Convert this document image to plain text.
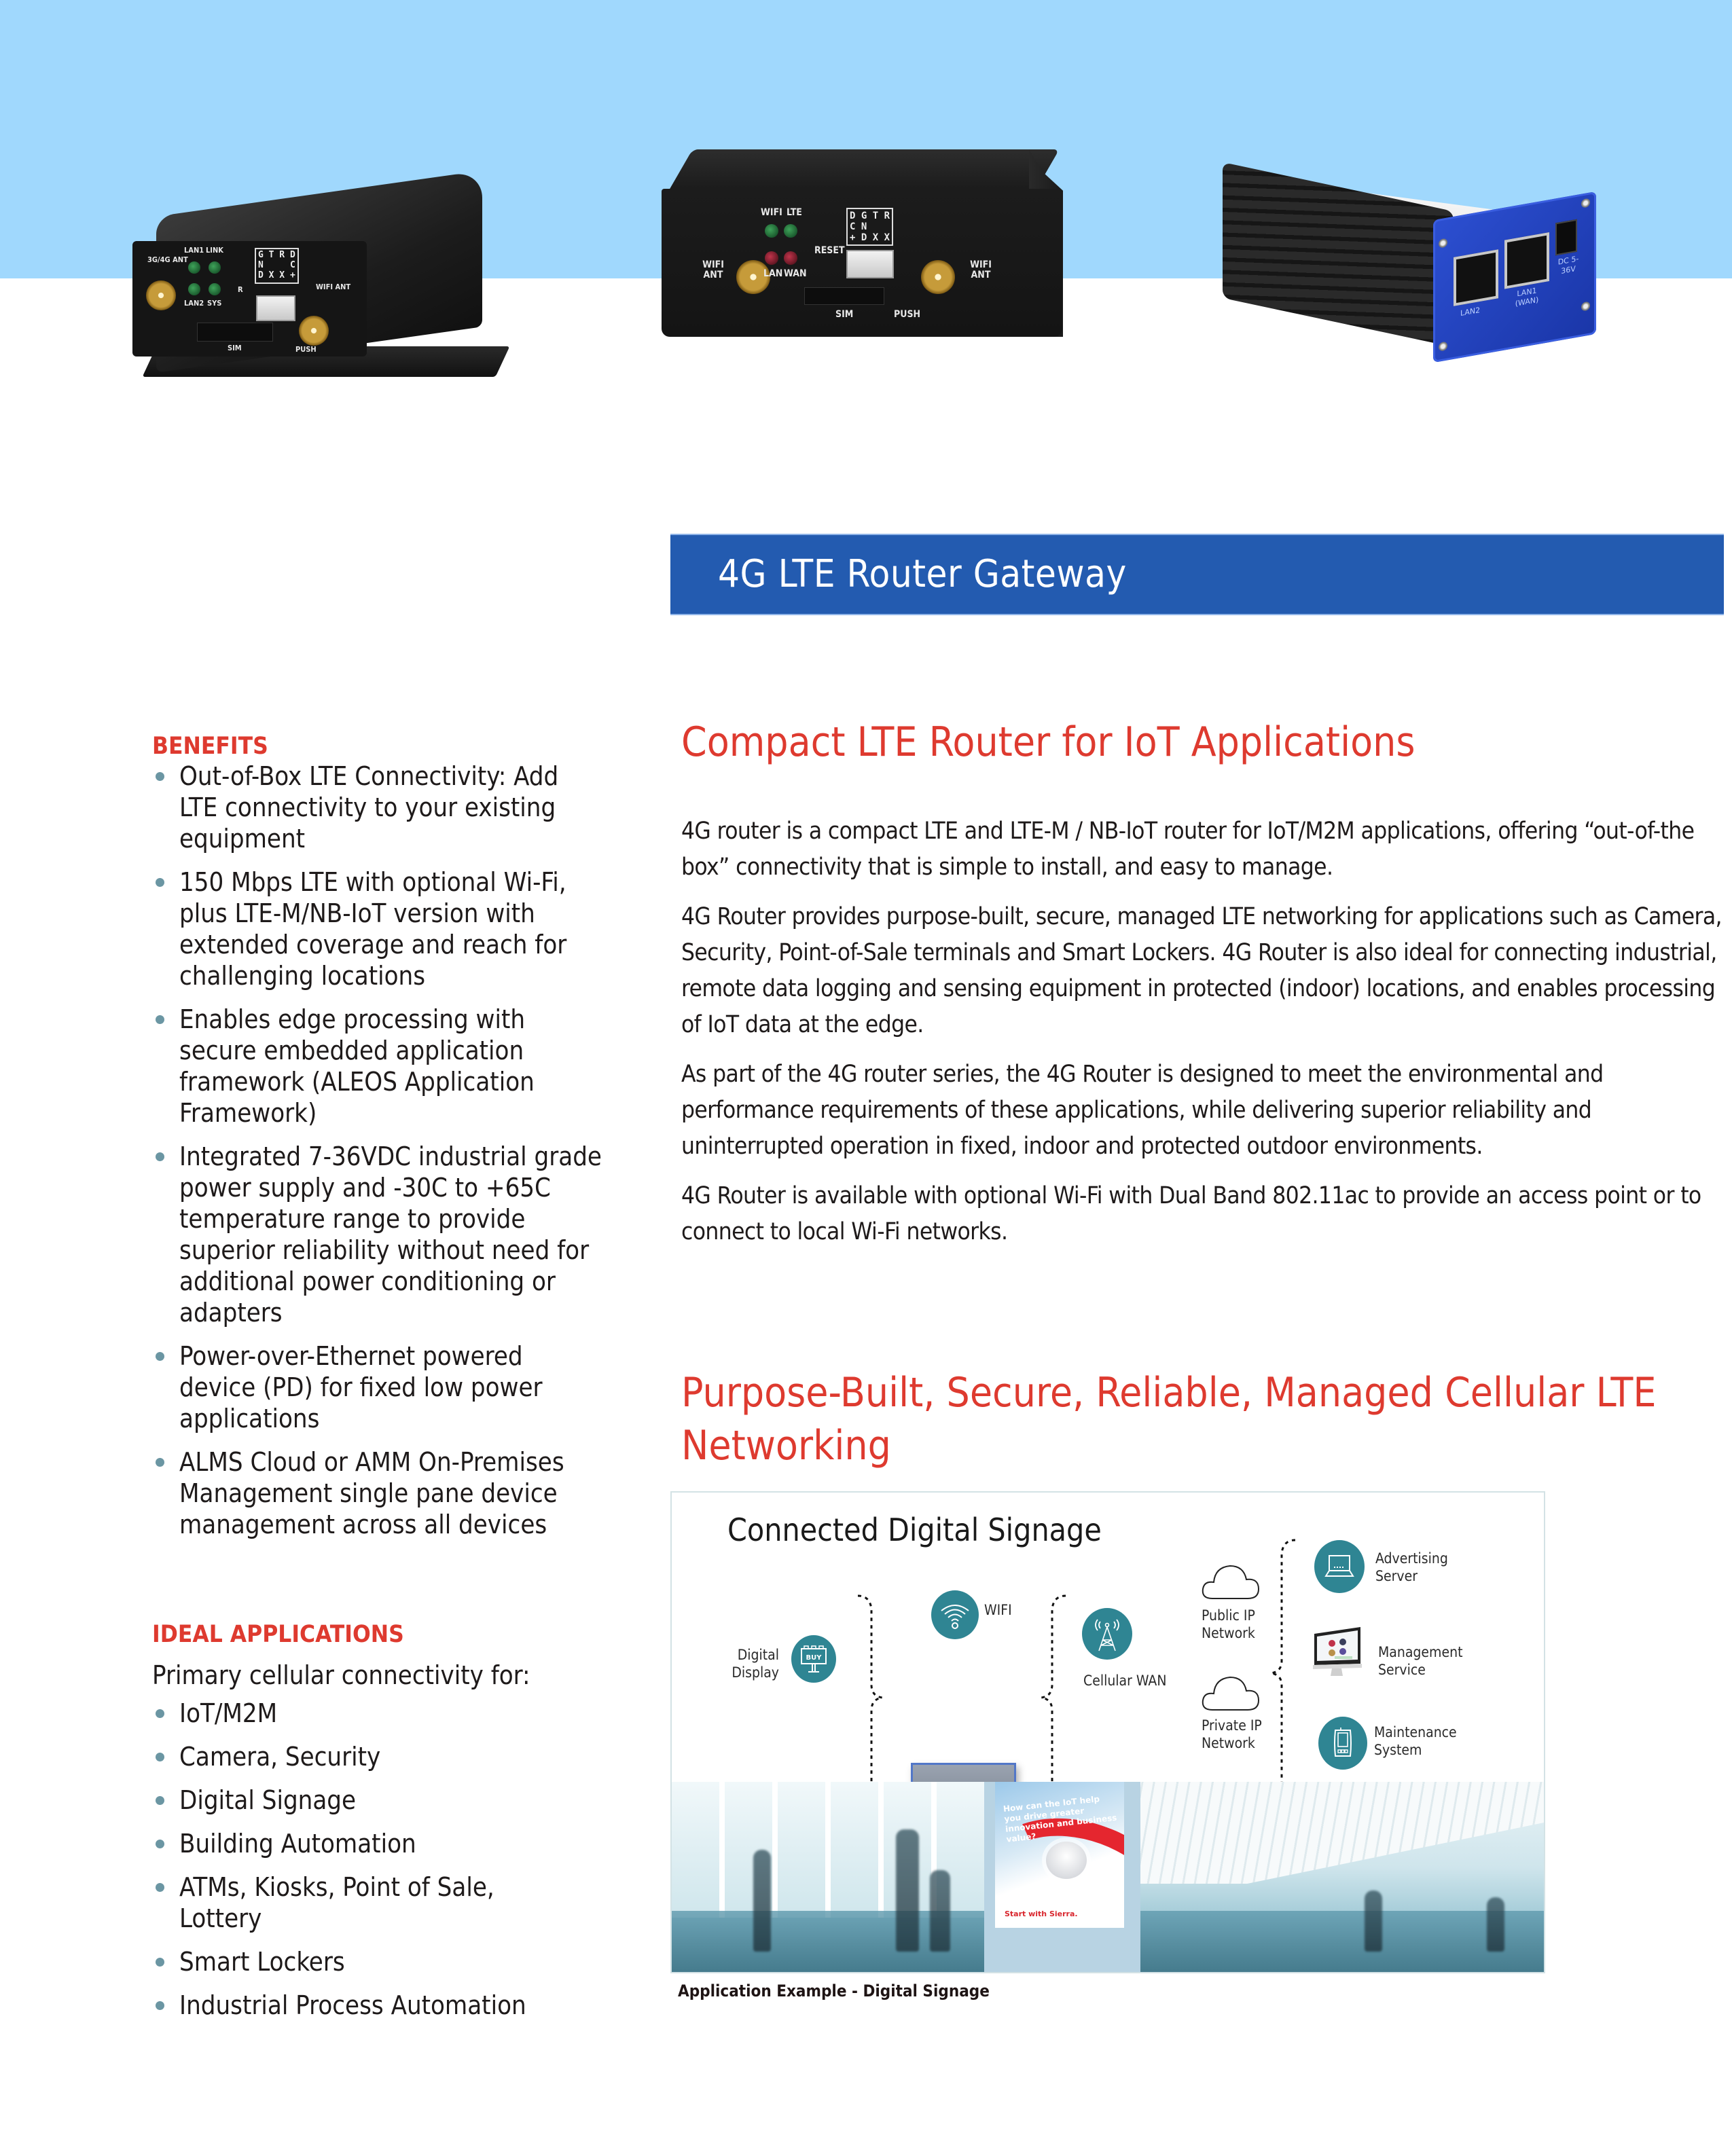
3G/4G ANT
LAN1 LINK
LAN2 SYS
R
G T R D
N     C
D X X +
SIM
WIFI ANT
PUSH
WIFI ANT
WIFI LTE
LAN WAN
RESET
D G T R
C N
+ D X X
SIM	PUSH
WIFI ANT
LAN2
LAN1 (WAN)
DC 5-36V
4G LTE Router Gateway
BENEFITS
Out-of-Box LTE Connectivity: Add LTE connectivity to your existing equipment
150 Mbps LTE with optional Wi-Fi, plus LTE-M/NB-IoT version with extended coverage and reach for challenging locations
Enables edge processing with secure embedded application framework (ALEOS Application Framework)
Integrated 7-36VDC industrial grade power supply and -30C to +65C temperature range to provide superior reliability without need for additional power conditioning or adapters
Power-over-Ethernet powered device (PD) for fixed low power applications
ALMS Cloud or AMM On-Premises Management single pane device management across all devices
IDEAL APPLICATIONS
Primary cellular connectivity for:
IoT/M2M
Camera, Security
Digital Signage
Building Automation
ATMs, Kiosks, Point of Sale, Lottery
Smart Lockers
Industrial Process Automation
Compact LTE Router for IoT Applications

4G router is a compact LTE and LTE-M / NB-IoT router for IoT/M2M applications, offering “out-of-the box” connectivity that is simple to install, and easy to manage.

4G Router provides purpose-built, secure, managed LTE networking for applications such as Camera, Security, Point-of-Sale terminals and Smart Lockers. 4G Router is also ideal for connecting industrial, remote data logging and sensing equipment in protected (indoor) locations, and enables processing of IoT data at the edge.

As part of the 4G router series, the 4G Router is designed to meet the environmental and performance requirements of these applications, while delivering superior reliability and uninterrupted operation in fixed, indoor and protected outdoor environments.

4G Router is available with optional Wi-Fi with Dual Band 802.11ac to provide an access point or to connect to local Wi-Fi networks.

Purpose-Built, Secure, Reliable, Managed Cellular LTE Networking
Connected Digital Signage
Digital Display
BUY
WIFI
Cellular WAN
Public IP Network
Private IP Network
Advertising Server
Management Service
Maintenance System
How can the IoT help you drive greater innovation and business value?
Start with Sierra.
Application Example - Digital Signage
